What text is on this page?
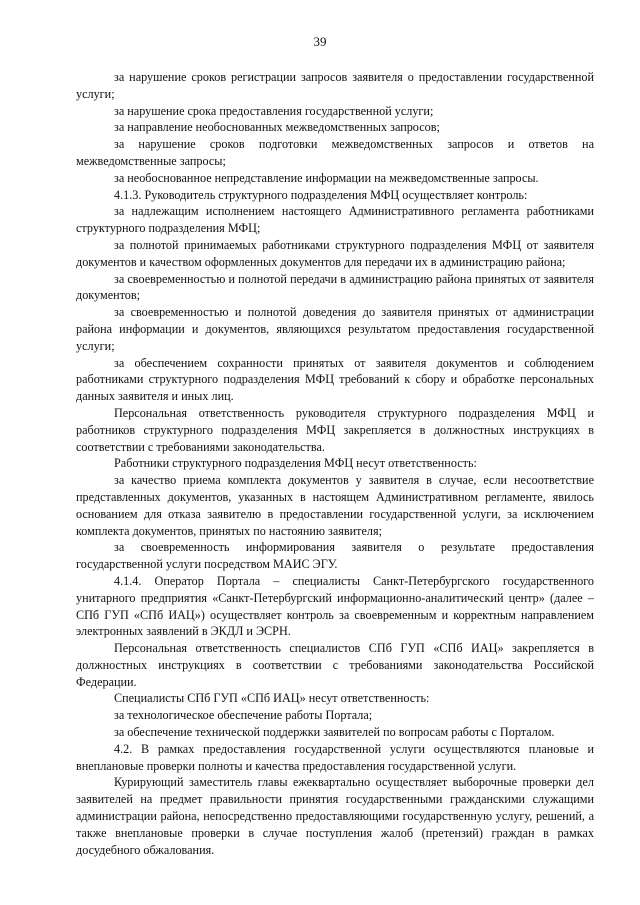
39

за нарушение сроков регистрации запросов заявителя о предоставлении государственной услуги;

за нарушение срока предоставления государственной услуги;

за направление необоснованных межведомственных запросов;

за нарушение сроков подготовки межведомственных запросов и ответов на межведомственные запросы;

за необоснованное непредставление информации на межведомственные запросы.

4.1.3. Руководитель структурного подразделения МФЦ осуществляет контроль:

за надлежащим исполнением настоящего Административного регламента работниками структурного подразделения МФЦ;

за полнотой принимаемых работниками структурного подразделения МФЦ от заявителя документов и качеством оформленных документов для передачи их в администрацию района;

за своевременностью и полнотой передачи в администрацию района принятых от заявителя документов;

за своевременностью и полнотой доведения до заявителя принятых от администрации района информации и документов, являющихся результатом предоставления государственной услуги;

за обеспечением сохранности принятых от заявителя документов и соблюдением работниками структурного подразделения МФЦ требований к сбору и обработке персональных данных заявителя и иных лиц.

Персональная ответственность руководителя структурного подразделения МФЦ и работников структурного подразделения МФЦ закрепляется в должностных инструкциях в соответствии с требованиями законодательства.

Работники структурного подразделения МФЦ несут ответственность:

за качество приема комплекта документов у заявителя в случае, если несоответствие представленных документов, указанных в настоящем Административном регламенте, явилось основанием для отказа заявителю в предоставлении государственной услуги, за исключением комплекта документов, принятых по настоянию заявителя;

за своевременность информирования заявителя о результате предоставления государственной услуги посредством МАИС ЭГУ.

4.1.4. Оператор Портала – специалисты Санкт-Петербургского государственного унитарного предприятия «Санкт-Петербургский информационно-аналитический центр» (далее – СПб ГУП «СПб ИАЦ») осуществляет контроль за своевременным и корректным направлением электронных заявлений в ЭКДЛ и ЭСРН.

Персональная ответственность специалистов СПб ГУП «СПб ИАЦ» закрепляется в должностных инструкциях в соответствии с требованиями законодательства Российской Федерации.

Специалисты СПб ГУП «СПб ИАЦ» несут ответственность:

за технологическое обеспечение работы Портала;

за обеспечение технической поддержки заявителей по вопросам работы с Порталом.

4.2. В рамках предоставления государственной услуги осуществляются плановые и внеплановые проверки полноты и качества предоставления государственной услуги.

Курирующий заместитель главы ежеквартально осуществляет выборочные проверки дел заявителей на предмет правильности принятия государственными гражданскими служащими администрации района, непосредственно предоставляющими государственную услугу, решений, а также внеплановые проверки в случае поступления жалоб (претензий) граждан в рамках досудебного обжалования.
